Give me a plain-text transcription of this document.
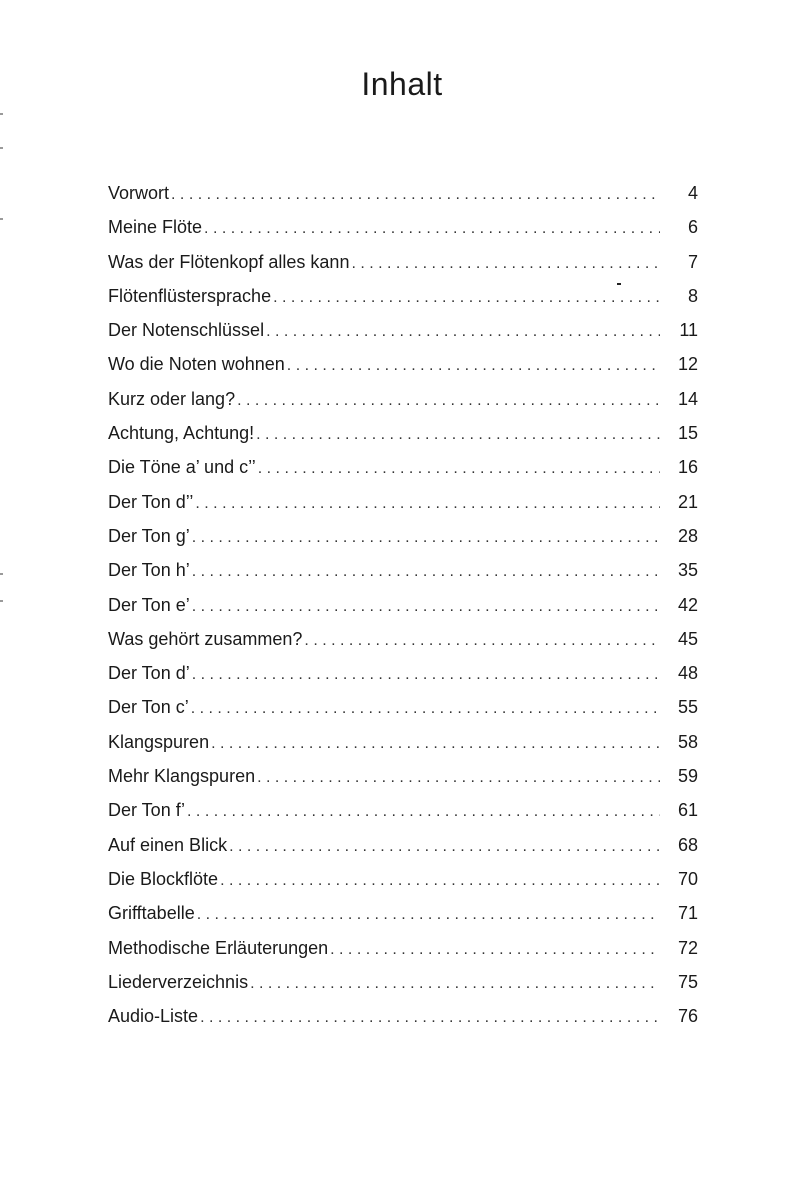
Inhalt
Vorwort . . .	4
Meine Flöte . . .	6
Was der Flötenkopf alles kann . . .	7
Flötenflüstersprache . . .	8
Der Notenschlüssel . . .	11
Wo die Noten wohnen . . .	12
Kurz oder lang? . . .	14
Achtung, Achtung! . . .	15
Die Töne a’ und c’’ . . .	16
Der Ton d’’ . . .	21
Der Ton g’ . . .	28
Der Ton h’ . . .	35
Der Ton e’ . . .	42
Was gehört zusammen? . . .	45
Der Ton d’ . . .	48
Der Ton c’ . . .	55
Klangspuren . . .	58
Mehr Klangspuren . . .	59
Der Ton f’ . . .	61
Auf einen Blick . . .	68
Die Blockflöte . . .	70
Grifftabelle . . .	71
Methodische Erläuterungen . . .	72
Liederverzeichnis . . .	75
Audio-Liste . . .	76
